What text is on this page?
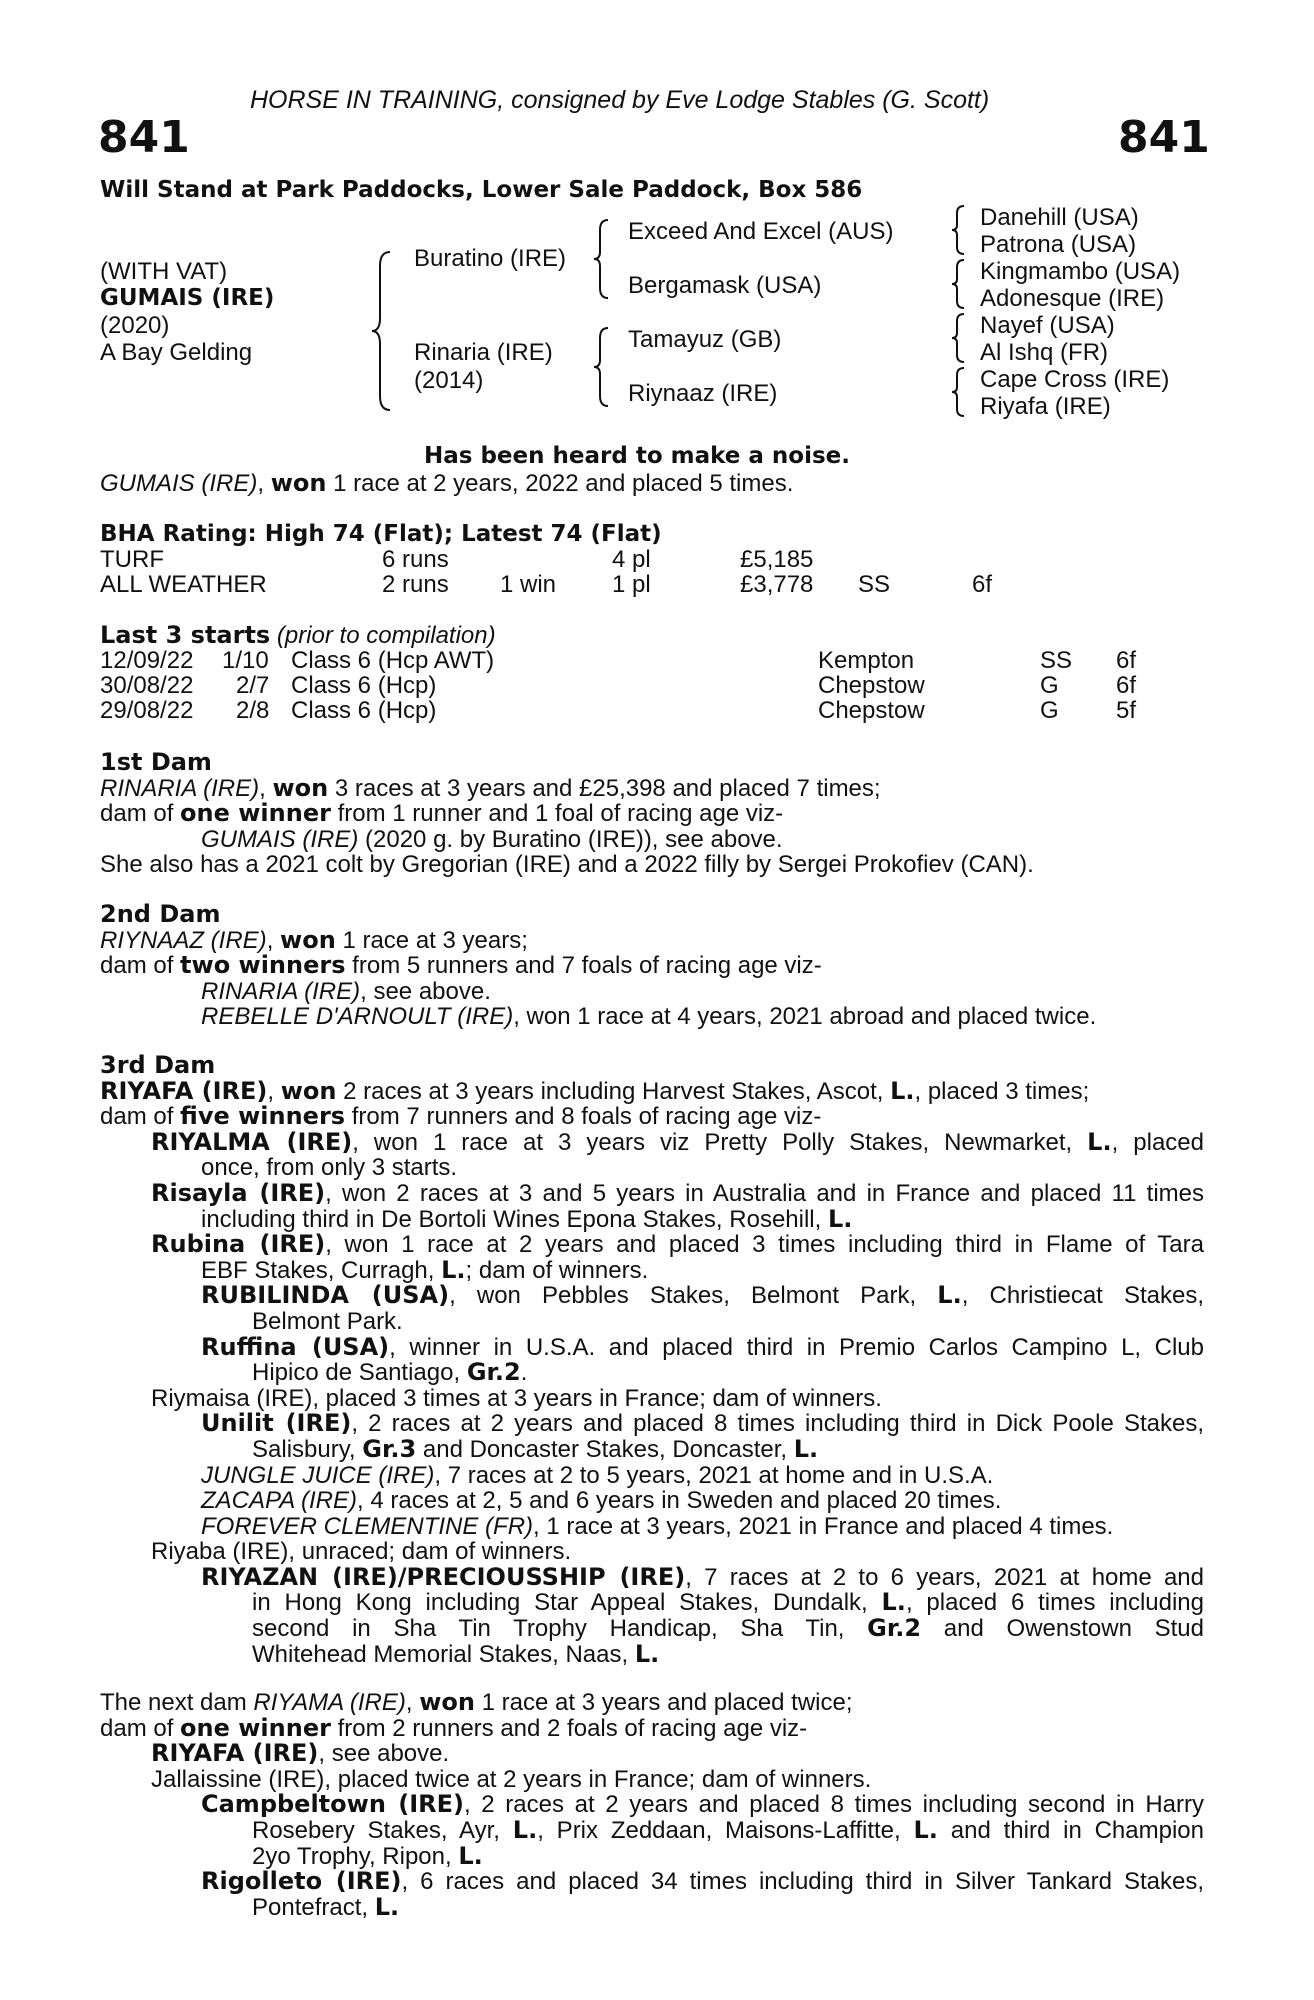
HORSE IN TRAINING, consigned by Eve Lodge Stables (G. Scott)
841	841
Will Stand at Park Paddocks, Lower Sale Paddock, Box 586
(WITH VAT)
GUMAIS (IRE)
(2020)
A Bay Gelding
Buratino (IRE)
Rinaria (IRE)
(2014)
Exceed And Excel (AUS)
Bergamask (USA)
Tamayuz (GB)
Riynaaz (IRE)
Danehill (USA)
Patrona (USA)
Kingmambo (USA)
Adonesque (IRE)
Nayef (USA)
Al Ishq (FR)
Cape Cross (IRE)
Riyafa (IRE)
Has been heard to make a noise.
GUMAIS (IRE), won 1 race at 2 years, 2022 and placed 5 times.
BHA Rating: High 74 (Flat); Latest 74 (Flat)
TURF	6 runs	4 pl	£5,185
ALL WEATHER	2 runs 1 win 1 pl	£3,778 SS	6f
Last 3 starts (prior to compilation)
12/09/22 1/10 Class 6 (Hcp AWT)	Kempton	SS 6f
30/08/22 2/7 Class 6 (Hcp)	Chepstow	G 6f
29/08/22 2/8 Class 6 (Hcp)	Chepstow	G 5f
1st Dam
RINARIA (IRE), won 3 races at 3 years and £25,398 and placed 7 times;
dam of one winner from 1 runner and 1 foal of racing age viz-
GUMAIS (IRE) (2020 g. by Buratino (IRE)), see above.
She also has a 2021 colt by Gregorian (IRE) and a 2022 filly by Sergei Prokofiev (CAN).
2nd Dam
RIYNAAZ (IRE), won 1 race at 3 years;
dam of two winners from 5 runners and 7 foals of racing age viz-
RINARIA (IRE), see above.
REBELLE D'ARNOULT (IRE), won 1 race at 4 years, 2021 abroad and placed twice.
3rd Dam
RIYAFA (IRE), won 2 races at 3 years including Harvest Stakes, Ascot, L., placed 3 times;
dam of five winners from 7 runners and 8 foals of racing age viz-
RIYALMA (IRE), won 1 race at 3 years viz Pretty Polly Stakes, Newmarket, L., placed
once, from only 3 starts.
Risayla (IRE), won 2 races at 3 and 5 years in Australia and in France and placed 11 times
including third in De Bortoli Wines Epona Stakes, Rosehill, L.
Rubina (IRE), won 1 race at 2 years and placed 3 times including third in Flame of Tara
EBF Stakes, Curragh, L.; dam of winners.
RUBILINDA (USA), won Pebbles Stakes, Belmont Park, L., Christiecat Stakes,
Belmont Park.
Ruffina (USA), winner in U.S.A. and placed third in Premio Carlos Campino L, Club
Hipico de Santiago, Gr.2.
Riymaisa (IRE), placed 3 times at 3 years in France; dam of winners.
Unilit (IRE), 2 races at 2 years and placed 8 times including third in Dick Poole Stakes,
Salisbury, Gr.3 and Doncaster Stakes, Doncaster, L.
JUNGLE JUICE (IRE), 7 races at 2 to 5 years, 2021 at home and in U.S.A.
ZACAPA (IRE), 4 races at 2, 5 and 6 years in Sweden and placed 20 times.
FOREVER CLEMENTINE (FR), 1 race at 3 years, 2021 in France and placed 4 times.
Riyaba (IRE), unraced; dam of winners.
RIYAZAN (IRE)/PRECIOUSSHIP (IRE), 7 races at 2 to 6 years, 2021 at home and
in Hong Kong including Star Appeal Stakes, Dundalk, L., placed 6 times including
second in Sha Tin Trophy Handicap, Sha Tin, Gr.2 and Owenstown Stud
Whitehead Memorial Stakes, Naas, L.
The next dam RIYAMA (IRE), won 1 race at 3 years and placed twice;
dam of one winner from 2 runners and 2 foals of racing age viz-
RIYAFA (IRE), see above.
Jallaissine (IRE), placed twice at 2 years in France; dam of winners.
Campbeltown (IRE), 2 races at 2 years and placed 8 times including second in Harry
Rosebery Stakes, Ayr, L., Prix Zeddaan, Maisons-Laffitte, L. and third in Champion
2yo Trophy, Ripon, L.
Rigolleto (IRE), 6 races and placed 34 times including third in Silver Tankard Stakes,
Pontefract, L.
